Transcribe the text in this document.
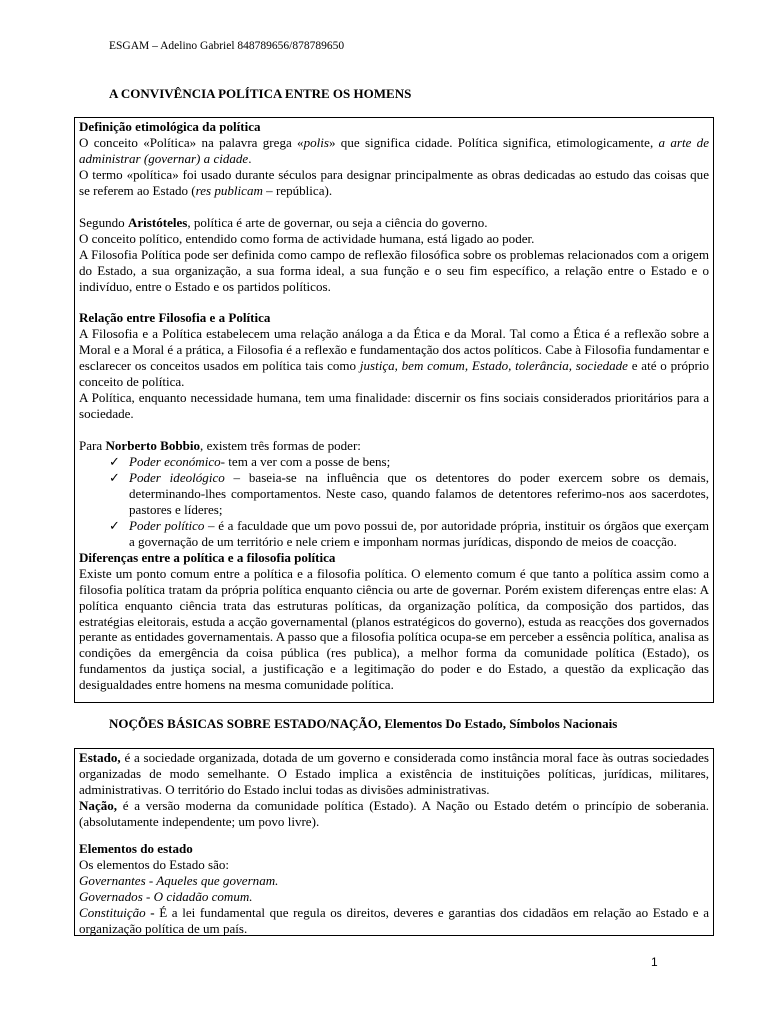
ESGAM – Adelino Gabriel 848789656/878789650
A CONVIVÊNCIA POLÍTICA ENTRE OS HOMENS

Definição etimológica da política

O conceito «Política» na palavra grega «polis» que significa cidade. Política significa, etimologicamente, a arte de administrar (governar) a cidade.

O termo «política» foi usado durante séculos para designar principalmente as obras dedicadas ao estudo das coisas que se referem ao Estado (res publicam – república).

Segundo Aristóteles, política é arte de governar, ou seja a ciência do governo.

O conceito político, entendido como forma de actividade humana, está ligado ao poder.

A Filosofia Política pode ser definida como campo de reflexão filosófica sobre os problemas relacionados com a origem do Estado, a sua organização, a sua forma ideal, a sua função e o seu fim específico, a relação entre o Estado e o indivíduo, entre o Estado e os partidos políticos.

Relação entre Filosofia e a Política

A Filosofia e a Política estabelecem uma relação análoga a da Ética e da Moral. Tal como a Ética é a reflexão sobre a Moral e a Moral é a prática, a Filosofia é a reflexão e fundamentação dos actos políticos. Cabe à Filosofia fundamentar e esclarecer os conceitos usados em política tais como justiça, bem comum, Estado, tolerância, sociedade e até o próprio conceito de política.

A Política, enquanto necessidade humana, tem uma finalidade: discernir os fins sociais considerados prioritários para a sociedade.

Para Norberto Bobbio, existem três formas de poder:

✓ Poder económico- tem a ver com a posse de bens;
✓ Poder ideológico – baseia-se na influência que os detentores do poder exercem sobre os demais, determinando-lhes comportamentos. Neste caso, quando falamos de detentores referimo-nos aos sacerdotes, pastores e líderes;
✓ Poder político – é a faculdade que um povo possui de, por autoridade própria, instituir os órgãos que exerçam a governação de um território e nele criem e imponham normas jurídicas, dispondo de meios de coacção.

Diferenças entre a política e a filosofia política

Existe um ponto comum entre a política e a filosofia política. O elemento comum é que tanto a política assim como a filosofia política tratam da própria política enquanto ciência ou arte de governar. Porém existem diferenças entre elas: A política enquanto ciência trata das estruturas políticas, da organização política, da composição dos partidos, das estratégias eleitorais, estuda a acção governamental (planos estratégicos do governo), estuda as reacções dos governados perante as entidades governamentais. A passo que a filosofia política ocupa-se em perceber a essência política, analisa as condições da emergência da coisa pública (res publica), a melhor forma da comunidade política (Estado), os fundamentos da justiça social, a justificação e a legitimação do poder e do Estado, a questão da explicação das desigualdades entre homens na mesma comunidade política.

NOÇÕES BÁSICAS SOBRE ESTADO/NAÇÃO, Elementos Do Estado, Símbolos Nacionais

Estado, é a sociedade organizada, dotada de um governo e considerada como instância moral face às outras sociedades organizadas de modo semelhante. O Estado implica a existência de instituições políticas, jurídicas, militares, administrativas. O território do Estado inclui todas as divisões administrativas.

Nação, é a versão moderna da comunidade política (Estado). A Nação ou Estado detém o princípio de soberania. (absolutamente independente; um povo livre).

Elementos do estado

Os elementos do Estado são:

Governantes - Aqueles que governam.

Governados - O cidadão comum.

Constituição - É a lei fundamental que regula os direitos, deveres e garantias dos cidadãos em relação ao Estado e a organização política de um país.

1
